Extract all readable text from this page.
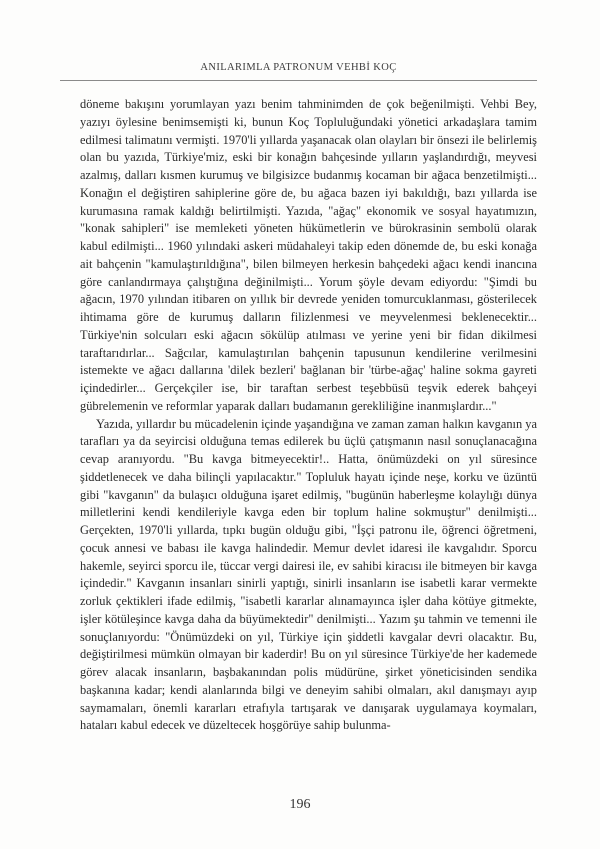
ANILARIMLA PATRONUM VEHBİ KOÇ

döneme bakışını yorumlayan yazı benim tahminimden de çok beğenilmişti. Vehbi Bey, yazıyı öylesine benimsemişti ki, bunun Koç Topluluğundaki yönetici arkadaşlara tamim edilmesi talimatını vermişti. 1970'li yıllarda yaşanacak olan olayları bir önsezi ile belirlemiş olan bu yazıda, Türkiye'miz, eski bir konağın bahçesinde yılların yaşlandırdığı, meyvesi azalmış, dalları kısmen kurumuş ve bilgisizce budanmış kocaman bir ağaca benzetilmişti... Konağın el değiştiren sahiplerine göre de, bu ağaca bazen iyi bakıldığı, bazı yıllarda ise kurumasına ramak kaldığı belirtilmişti. Yazıda, "ağaç" ekonomik ve sosyal hayatımızın, "konak sahipleri" ise memleketi yöneten hükümetlerin ve bürokrasinin sembolü olarak kabul edilmişti... 1960 yılındaki askeri müdahaleyi takip eden dönemde de, bu eski konağa ait bahçenin "kamulaştırıldığına", bilen bilmeyen herkesin bahçedeki ağacı kendi inancına göre canlandırmaya çalıştığına değinilmişti... Yorum şöyle devam ediyordu: "Şimdi bu ağacın, 1970 yılından itibaren on yıllık bir devrede yeniden tomurcuklanması, gösterilecek ihtimama göre de kurumuş dalların filizlenmesi ve meyvelenmesi beklenecektir... Türkiye'nin solcuları eski ağacın sökülüp atılması ve yerine yeni bir fidan dikilmesi taraftarıdırlar... Sağcılar, kamulaştırılan bahçenin tapusunun kendilerine verilmesini istemekte ve ağacı dallarına 'dilek bezleri' bağlanan bir 'türbe-ağaç' haline sokma gayreti içindedirler... Gerçekçiler ise, bir taraftan serbest teşebbüsü teşvik ederek bahçeyi gübrelemenin ve reformlar yaparak dalları budamanın gerekliliğine inanmışlardır..."

Yazıda, yıllardır bu mücadelenin içinde yaşandığına ve zaman zaman halkın kavganın ya tarafları ya da seyircisi olduğuna temas edilerek bu üçlü çatışmanın nasıl sonuçlanacağına cevap aranıyordu. "Bu kavga bitmeyecektir!.. Hatta, önümüzdeki on yıl süresince şiddetlenecek ve daha bilinçli yapılacaktır." Topluluk hayatı içinde neşe, korku ve üzüntü gibi "kavganın" da bulaşıcı olduğuna işaret edilmiş, "bugünün haberleşme kolaylığı dünya milletlerini kendi kendileriyle kavga eden bir toplum haline sokmuştur" denilmişti... Gerçekten, 1970'li yıllarda, tıpkı bugün olduğu gibi, "İşçi patronu ile, öğrenci öğretmeni, çocuk annesi ve babası ile kavga halindedir. Memur devlet idaresi ile kavgalıdır. Sporcu hakemle, seyirci sporcu ile, tüccar vergi dairesi ile, ev sahibi kiracısı ile bitmeyen bir kavga içindedir." Kavganın insanları sinirli yaptığı, sinirli insanların ise isabetli karar vermekte zorluk çektikleri ifade edilmiş, "isabetli kararlar alınamayınca işler daha kötüye gitmekte, işler kötüleşince kavga daha da büyümektedir" denilmişti... Yazım şu tahmin ve temenni ile sonuçlanıyordu: "Önümüzdeki on yıl, Türkiye için şiddetli kavgalar devri olacaktır. Bu, değiştirilmesi mümkün olmayan bir kaderdir! Bu on yıl süresince Türkiye'de her kademede görev alacak insanların, başbakanından polis müdürüne, şirket yöneticisinden sendika başkanına kadar; kendi alanlarında bilgi ve deneyim sahibi olmaları, akıl danışmayı ayıp saymamaları, önemli kararları etrafıyla tartışarak ve danışarak uygulamaya koymaları, hataları kabul edecek ve düzeltecek hoşgörüye sahip bulunma-

196
